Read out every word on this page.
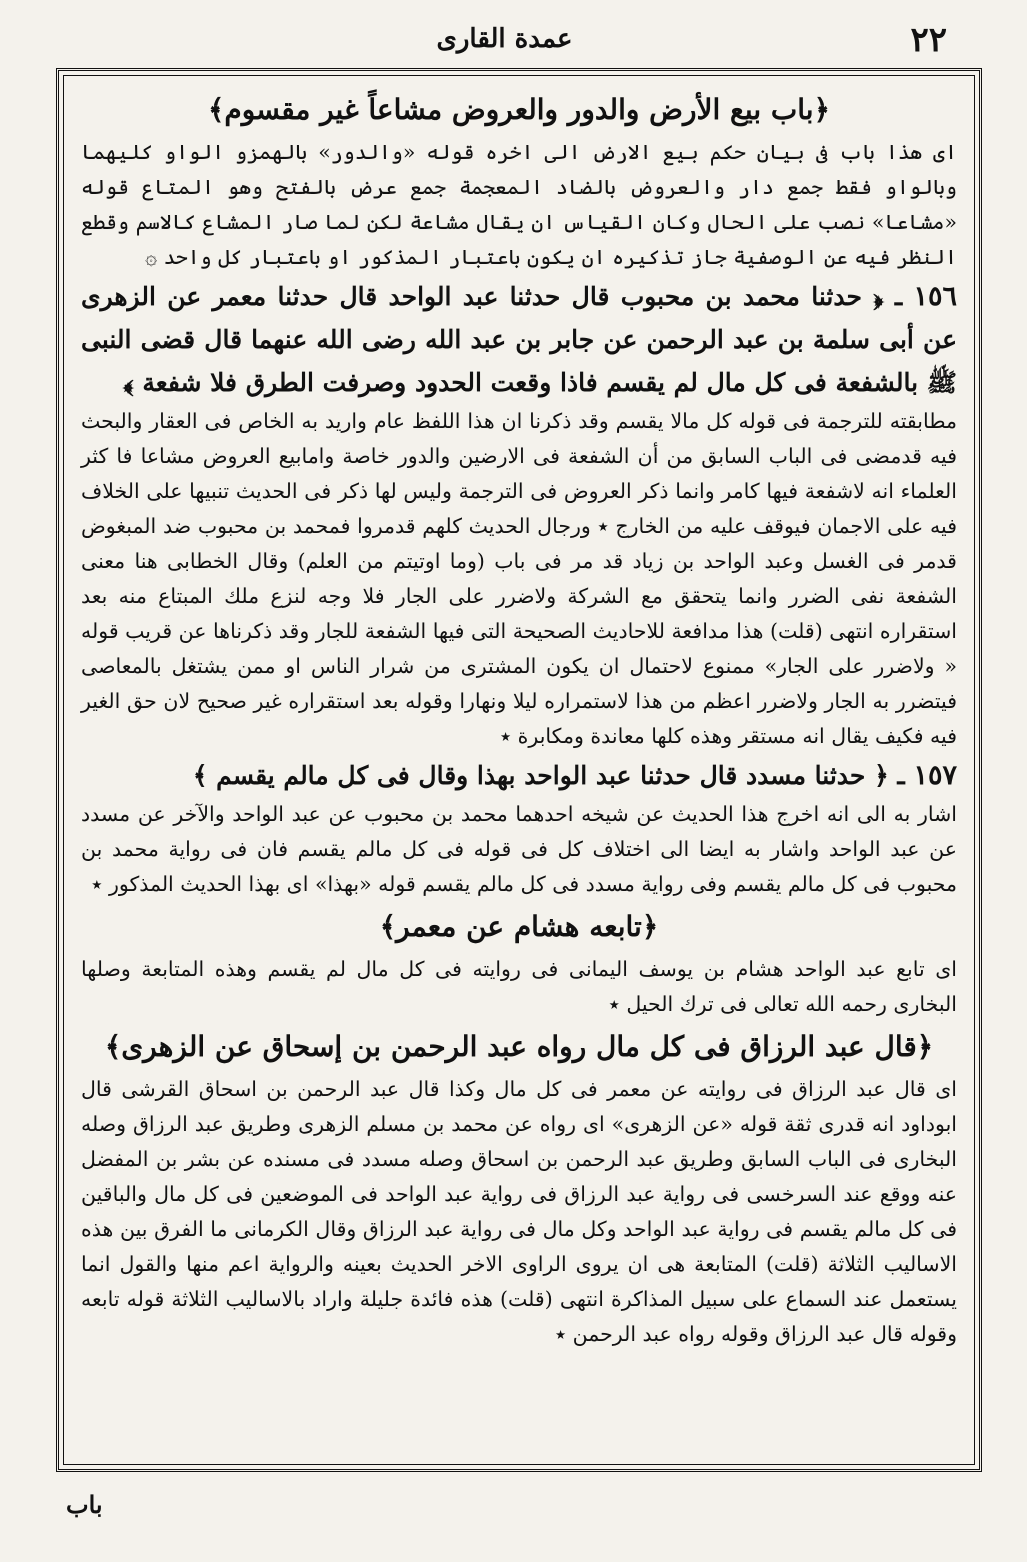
٢٢
عمدة القاری
﴿باب بيع الأرض والدور والعروض مشاعاً غير مقسوم﴾

ای هذا باب فی بیان حکم بیع الارض الی اخره قوله «والدور» بالهمزو الواو کلیهما وبالواو فقط جمع دار والعروض بالضاد المعجمة جمع عرض بالفتح وهو المتاع قوله «مشاعا» نصب علی الحال وکان القیاس ان یقال مشاعة لکن لما صار المشاع کالاسم وقطع النظر فیه عن الوصفیة جاز تذکیره ان یکون باعتبار المذکور او باعتبار کل واحد ۞

١٥٦ ـ ﴿ حدثنا محمد بن محبوب قال حدثنا عبد الواحد قال حدثنا معمر عن الزهری عن أبی سلمة بن عبد الرحمن عن جابر بن عبد الله رضی الله عنهما قال قضی النبی ﷺ بالشفعة فی کل مال لم يقسم فاذا وقعت الحدود وصرفت الطرق فلا شفعة ﴾

مطابقته للترجمة فی قوله کل مالا یقسم وقد ذکرنا ان هذا اللفظ عام وارید به الخاص فی العقار والبحث فیه قدمضی فی الباب السابق من أن الشفعة فی الارضین والدور خاصة وامابیع العروض مشاعا فا کثر العلماء انه لاشفعة فیها کامر وانما ذکر العروض فی الترجمة ولیس لها ذکر فی الحدیث تنبیها علی الخلاف فیه علی الاجمان فیوقف علیه من الخارج ٭ ورجال الحدیث کلهم قدمروا فمحمد بن محبوب ضد المبغوض قدمر فی الغسل وعبد الواحد بن زیاد قد مر فی باب (وما اوتیتم من العلم) وقال الخطابی هنا معنی الشفعة نفی الضرر وانما یتحقق مع الشرکة ولاضرر علی الجار فلا وجه لنزع ملك المبتاع منه بعد استقراره انتهی (قلت) هذا مدافعة للاحادیث الصحیحة التی فیها الشفعة للجار وقد ذکرناها عن قریب قوله « ولاضرر علی الجار» ممنوع لاحتمال ان یکون المشتری من شرار الناس او ممن یشتغل بالمعاصی فیتضرر به الجار ولاضرر اعظم من هذا لاستمراره لیلا ونهارا وقوله بعد استقراره غیر صحیح لان حق الغیر فیه فکیف یقال انه مستقر وهذه کلها معاندة ومکابرة ٭

١٥٧ ـ ﴿ حدثنا مسدد قال حدثنا عبد الواحد بهذا وقال فی کل مالم يقسم ﴾

اشار به الی انه اخرج هذا الحدیث عن شیخه احدهما محمد بن محبوب عن عبد الواحد والآخر عن مسدد عن عبد الواحد واشار به ایضا الی اختلاف کل فی قوله فی کل مالم یقسم فان فی روایة محمد بن محبوب فی کل مالم یقسم وفی روایة مسدد فی کل مالم یقسم قوله «بهذا» ای بهذا الحدیث المذکور ٭

﴿تابعه هشام عن معمر﴾

ای تابع عبد الواحد هشام بن یوسف الیمانی فی روایته فی کل مال لم یقسم وهذه المتابعة وصلها البخاری رحمه الله تعالی فی ترك الحیل ٭

﴿قال عبد الرزاق فی کل مال رواه عبد الرحمن بن إسحاق عن الزهری﴾

ای قال عبد الرزاق فی روایته عن معمر فی کل مال وکذا قال عبد الرحمن بن اسحاق القرشی قال ابوداود انه قدری ثقة قوله «عن الزهری» ای رواه عن محمد بن مسلم الزهری وطریق عبد الرزاق وصله البخاری فی الباب السابق وطریق عبد الرحمن بن اسحاق وصله مسدد فی مسنده عن بشر بن المفضل عنه ووقع عند السرخسی فی روایة عبد الرزاق فی روایة عبد الواحد فی الموضعین فی کل مال والباقین فی کل مالم یقسم فی روایة عبد الواحد وکل مال فی روایة عبد الرزاق وقال الکرمانی ما الفرق بین هذه الاسالیب الثلاثة (قلت) المتابعة هی ان یروی الراوی الاخر الحدیث بعینه والروایة اعم منها والقول انما یستعمل عند السماع علی سبیل المذاکرة انتهی (قلت) هذه فائدة جلیلة واراد بالاسالیب الثلاثة قوله تابعه وقوله قال عبد الرزاق وقوله رواه عبد الرحمن ٭

باب
